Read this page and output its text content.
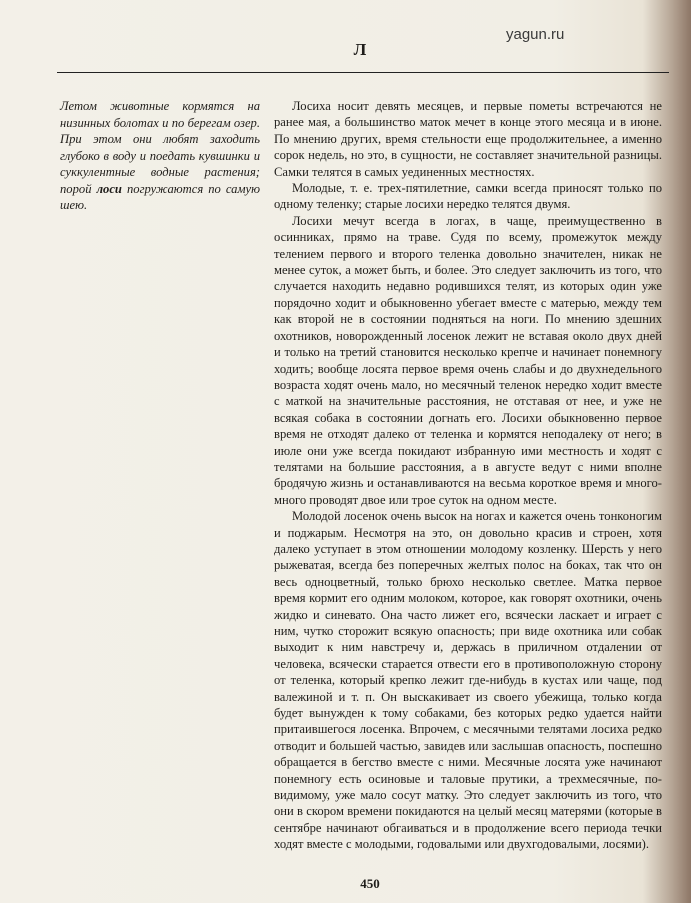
Л
yagun.ru
Летом животные кормятся на низинных болотах и по берегам озер. При этом они любят заходить глубоко в воду и поедать кувшинки и суккулентные водные растения; порой лоси погружаются по самую шею.

Лосиха носит девять месяцев, и первые пометы встречаются не ранее мая, а большинство маток мечет в конце этого месяца и в июне. По мнению других, время стельности еще продолжительнее, а именно сорок недель, но это, в сущности, не составляет значительной разницы. Самки телятся в самых уединенных местностях.

Молодые, т. е. трех-пятилетние, самки всегда приносят только по одному теленку; старые лосихи нередко телятся двумя.

Лосихи мечут всегда в логах, в чаще, преимущественно в осинниках, прямо на траве. Судя по всему, промежуток между телением первого и второго теленка довольно значителен, никак не менее суток, а может быть, и более. Это следует заключить из того, что случается находить недавно родившихся телят, из которых один уже порядочно ходит и обыкновенно убегает вместе с матерью, между тем как второй не в состоянии подняться на ноги. По мнению здешних охотников, новорожденный лосенок лежит не вставая около двух дней и только на третий становится несколько крепче и начинает понемногу ходить; вообще лосята первое время очень слабы и до двухнедельного возраста ходят очень мало, но месячный теленок нередко ходит вместе с маткой на значительные расстояния, не отставая от нее, и уже не всякая собака в состоянии догнать его. Лосихи обыкновенно первое время не отходят далеко от теленка и кормятся неподалеку от него; в июле они уже всегда покидают избранную ими местность и ходят с телятами на большие расстояния, а в августе ведут с ними вполне бродячую жизнь и останавливаются на весьма короткое время и много-много проводят двое или трое суток на одном месте.

Молодой лосенок очень высок на ногах и кажется очень тонконогим и поджарым. Несмотря на это, он довольно красив и строен, хотя далеко уступает в этом отношении молодому козленку. Шерсть у него рыжеватая, всегда без поперечных желтых полос на боках, так что он весь одноцветный, только брюхо несколько светлее. Матка первое время кормит его одним молоком, которое, как говорят охотники, очень жидко и синевато. Она часто лижет его, всячески ласкает и играет с ним, чутко сторожит всякую опасность; при виде охотника или собак выходит к ним навстречу и, держась в приличном отдалении от человека, всячески старается отвести его в противоположную сторону от теленка, который крепко лежит где-нибудь в кустах или чаще, под валежиной и т. п. Он выскакивает из своего убежища, только когда будет вынужден к тому собаками, без которых редко удается найти притаившегося лосенка. Впрочем, с месячными телятами лосиха редко отводит и большей частью, завидев или заслышав опасность, поспешно обращается в бегство вместе с ними. Месячные лосята уже начинают понемногу есть осиновые и таловые прутики, а трехмесячные, по-видимому, уже мало сосут матку. Это следует заключить из того, что они в скором времени покидаются на целый месяц матерями (которые в сентябре начинают обгаиваться и в продолжение всего периода течки ходят вместе с молодыми, годовалыми или двухгодовалыми, лосями).

450
